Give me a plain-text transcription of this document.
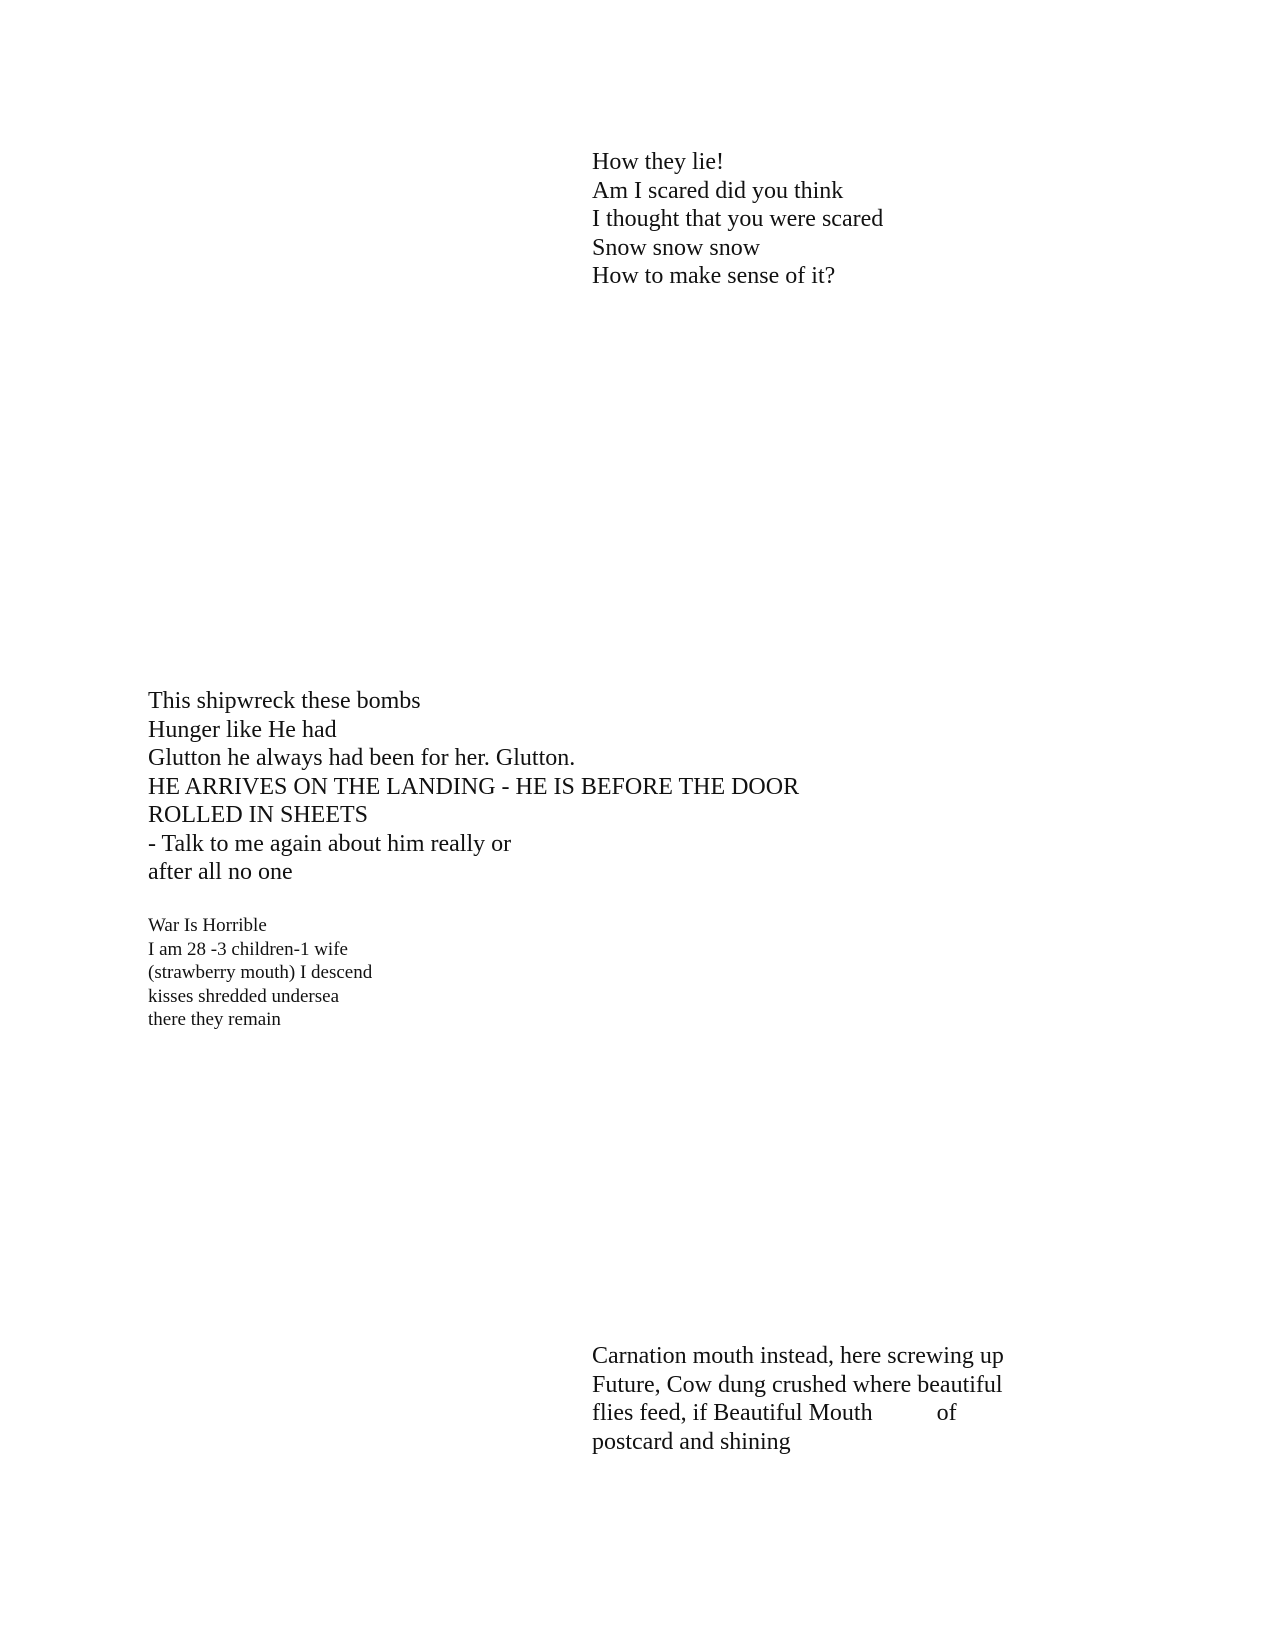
How they lie!
Am I scared did you think
I thought that you were scared
Snow snow snow
How to make sense of it?
This shipwreck these bombs
Hunger like He had
Glutton he always had been for her. Glutton.
HE ARRIVES ON THE LANDING - HE IS BEFORE THE DOOR
ROLLED IN SHEETS
- Talk to me again about him really or
after all no one
War Is Horrible
I am 28 -3 children-1 wife
(strawberry mouth) I descend
kisses shredded undersea
there they remain
Carnation mouth instead, here screwing up
Future, Cow dung crushed where beautiful
flies feed, if Beautiful Mouth	of
postcard and shining
